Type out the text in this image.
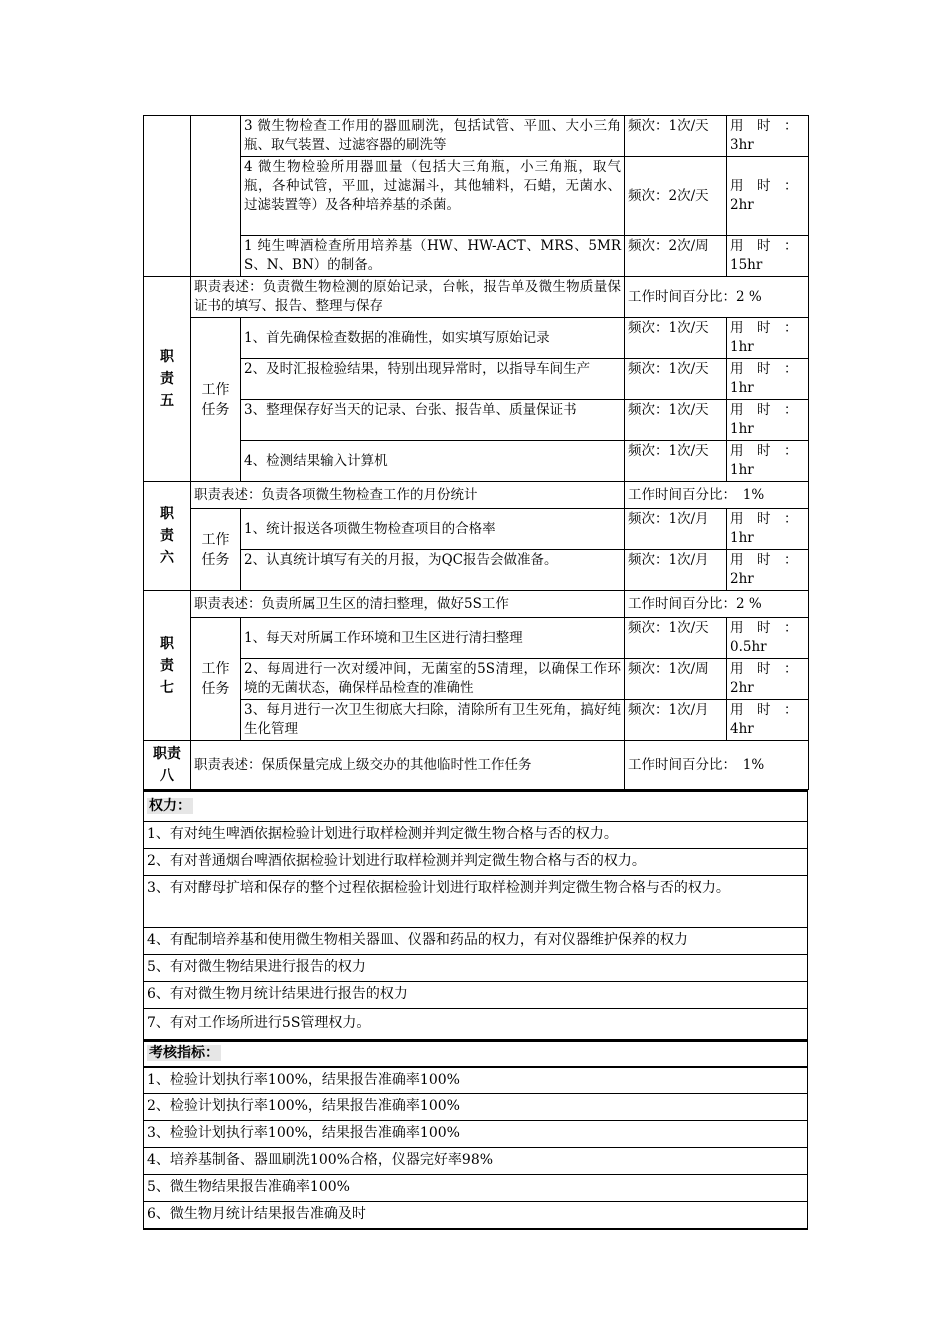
		3 微生物检查工作用的器皿刷洗，包括试管、平皿、大小三角瓶、取气装置、过滤容器的刷洗等	频次：1次/天	用　时　：3hr
		4 微生物检验所用器皿量（包括大三角瓶，小三角瓶，取气瓶，各种试管，平皿，过滤漏斗，其他辅料，石蜡，无菌水、过滤装置等）及各种培养基的杀菌。	频次：2次/天	用　时　：2hr
		1 纯生啤酒检查所用培养基（HW、HW-ACT、MRS、5MRS、N、BN）的制备。	频次：2次/周	用　时　：15hr

职
责
五	职责表述：负责微生物检测的原始记录，台帐，报告单及微生物质量保证书的填写、报告、整理与保存		工作时间百分比：2 %	

	工作
任务	1、首先确保检查数据的准确性，如实填写原始记录	频次：1次/天	用　时　：1hr
		2、及时汇报检验结果，特别出现异常时，以指导车间生产	频次：1次/天	用　时　：1hr
		3、整理保存好当天的记录、台张、报告单、质量保证书	频次：1次/天	用　时　：1hr
		4、检测结果输入计算机	频次：1次/天	用　时　：1hr

职
责
六	职责表述：负责各项微生物检查工作的月份统计		工作时间百分比：　1%	

	工作
任务	1、统计报送各项微生物检查项目的合格率	频次：1次/月	用　时　：1hr
		2、认真统计填写有关的月报，为QC报告会做准备。	频次：1次/月	用　时　：2hr

职
责
七	职责表述：负责所属卫生区的清扫整理，做好5S工作		工作时间百分比：2 %	

	工作
任务	1、每天对所属工作环境和卫生区进行清扫整理	频次：1次/天	用　时　：0.5hr
		2、每周进行一次对缓冲间，无菌室的5S清理，以确保工作环境的无菌状态，确保样品检查的准确性	频次：1次/周	用　时　：2hr
		3、每月进行一次卫生彻底大扫除，清除所有卫生死角，搞好纯生化管理	频次：1次/月	用　时　：4hr

职责
八	职责表述：保质保量完成上级交办的其他临时性工作任务		工作时间百分比：　1%	
权力：
1、有对纯生啤酒依据检验计划进行取样检测并判定微生物合格与否的权力。
2、有对普通烟台啤酒依据检验计划进行取样检测并判定微生物合格与否的权力。
3、有对酵母扩培和保存的整个过程依据检验计划进行取样检测并判定微生物合格与否的权力。
4、有配制培养基和使用微生物相关器皿、仪器和药品的权力，有对仪器维护保养的权力
5、有对微生物结果进行报告的权力
6、有对微生物月统计结果进行报告的权力
7、有对工作场所进行5S管理权力。
考核指标：
1、检验计划执行率100%，结果报告准确率100%
2、检验计划执行率100%，结果报告准确率100%
3、检验计划执行率100%，结果报告准确率100%
4、培养基制备、器皿刷洗100%合格，仪器完好率98%
5、微生物结果报告准确率100%
6、微生物月统计结果报告准确及时
